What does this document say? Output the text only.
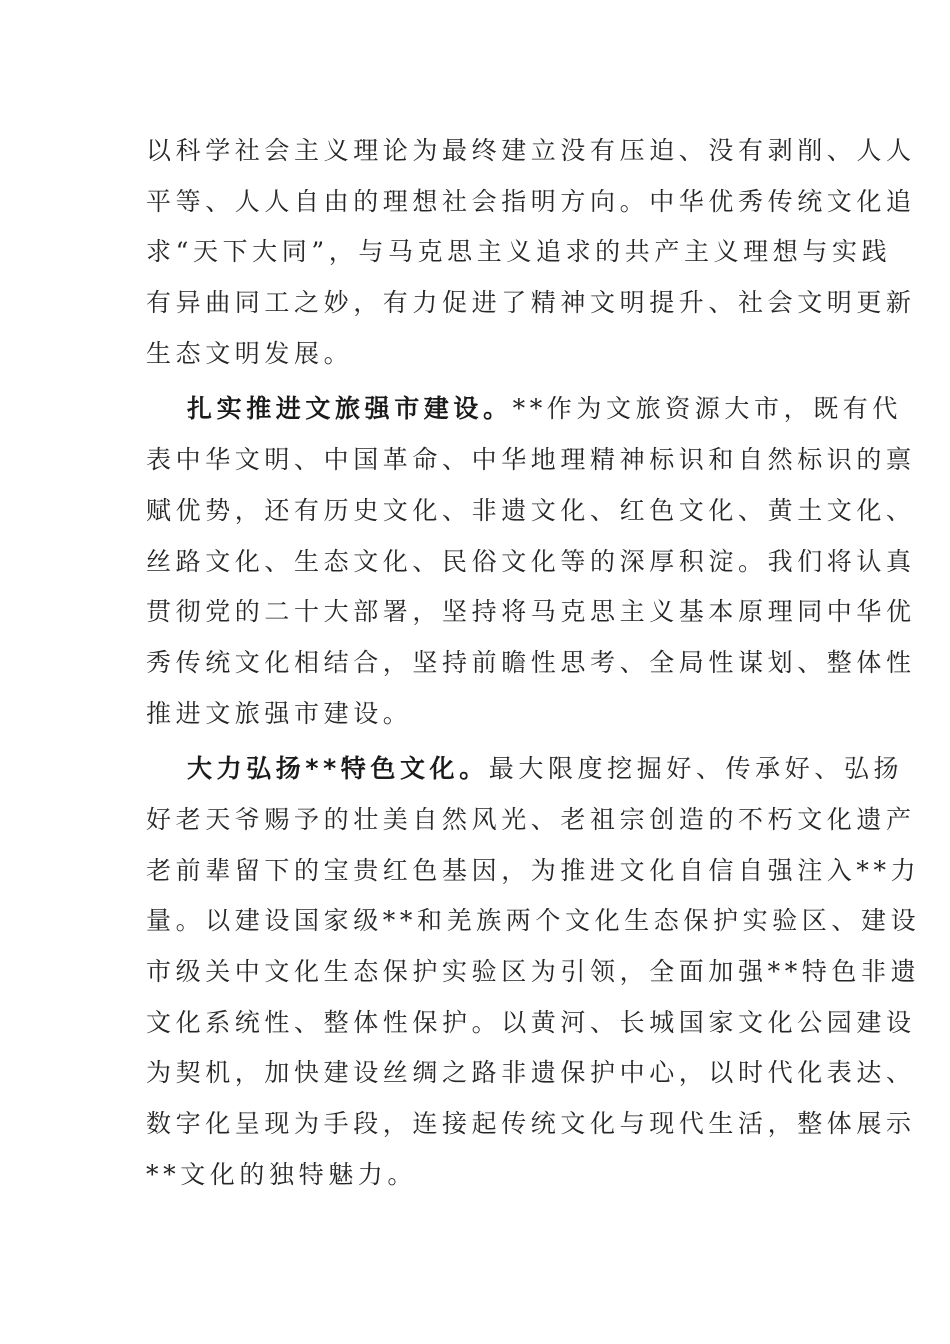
以科学社会主义理论为最终建立没有压迫、没有剥削、人人
平等、人人自由的理想社会指明方向。中华优秀传统文化追
求“天下大同”，与马克思主义追求的共产主义理想与实践
有异曲同工之妙，有力促进了精神文明提升、社会文明更新
生态文明发展。
扎实推进文旅强市建设。**作为文旅资源大市，既有代
表中华文明、中国革命、中华地理精神标识和自然标识的禀
赋优势，还有历史文化、非遗文化、红色文化、黄土文化、
丝路文化、生态文化、民俗文化等的深厚积淀。我们将认真
贯彻党的二十大部署，坚持将马克思主义基本原理同中华优
秀传统文化相结合，坚持前瞻性思考、全局性谋划、整体性
推进文旅强市建设。
大力弘扬**特色文化。最大限度挖掘好、传承好、弘扬
好老天爷赐予的壮美自然风光、老祖宗创造的不朽文化遗产
老前辈留下的宝贵红色基因，为推进文化自信自强注入**力
量。以建设国家级**和羌族两个文化生态保护实验区、建设
市级关中文化生态保护实验区为引领，全面加强**特色非遗
文化系统性、整体性保护。以黄河、长城国家文化公园建设
为契机，加快建设丝绸之路非遗保护中心，以时代化表达、
数字化呈现为手段，连接起传统文化与现代生活，整体展示
**文化的独特魅力。
